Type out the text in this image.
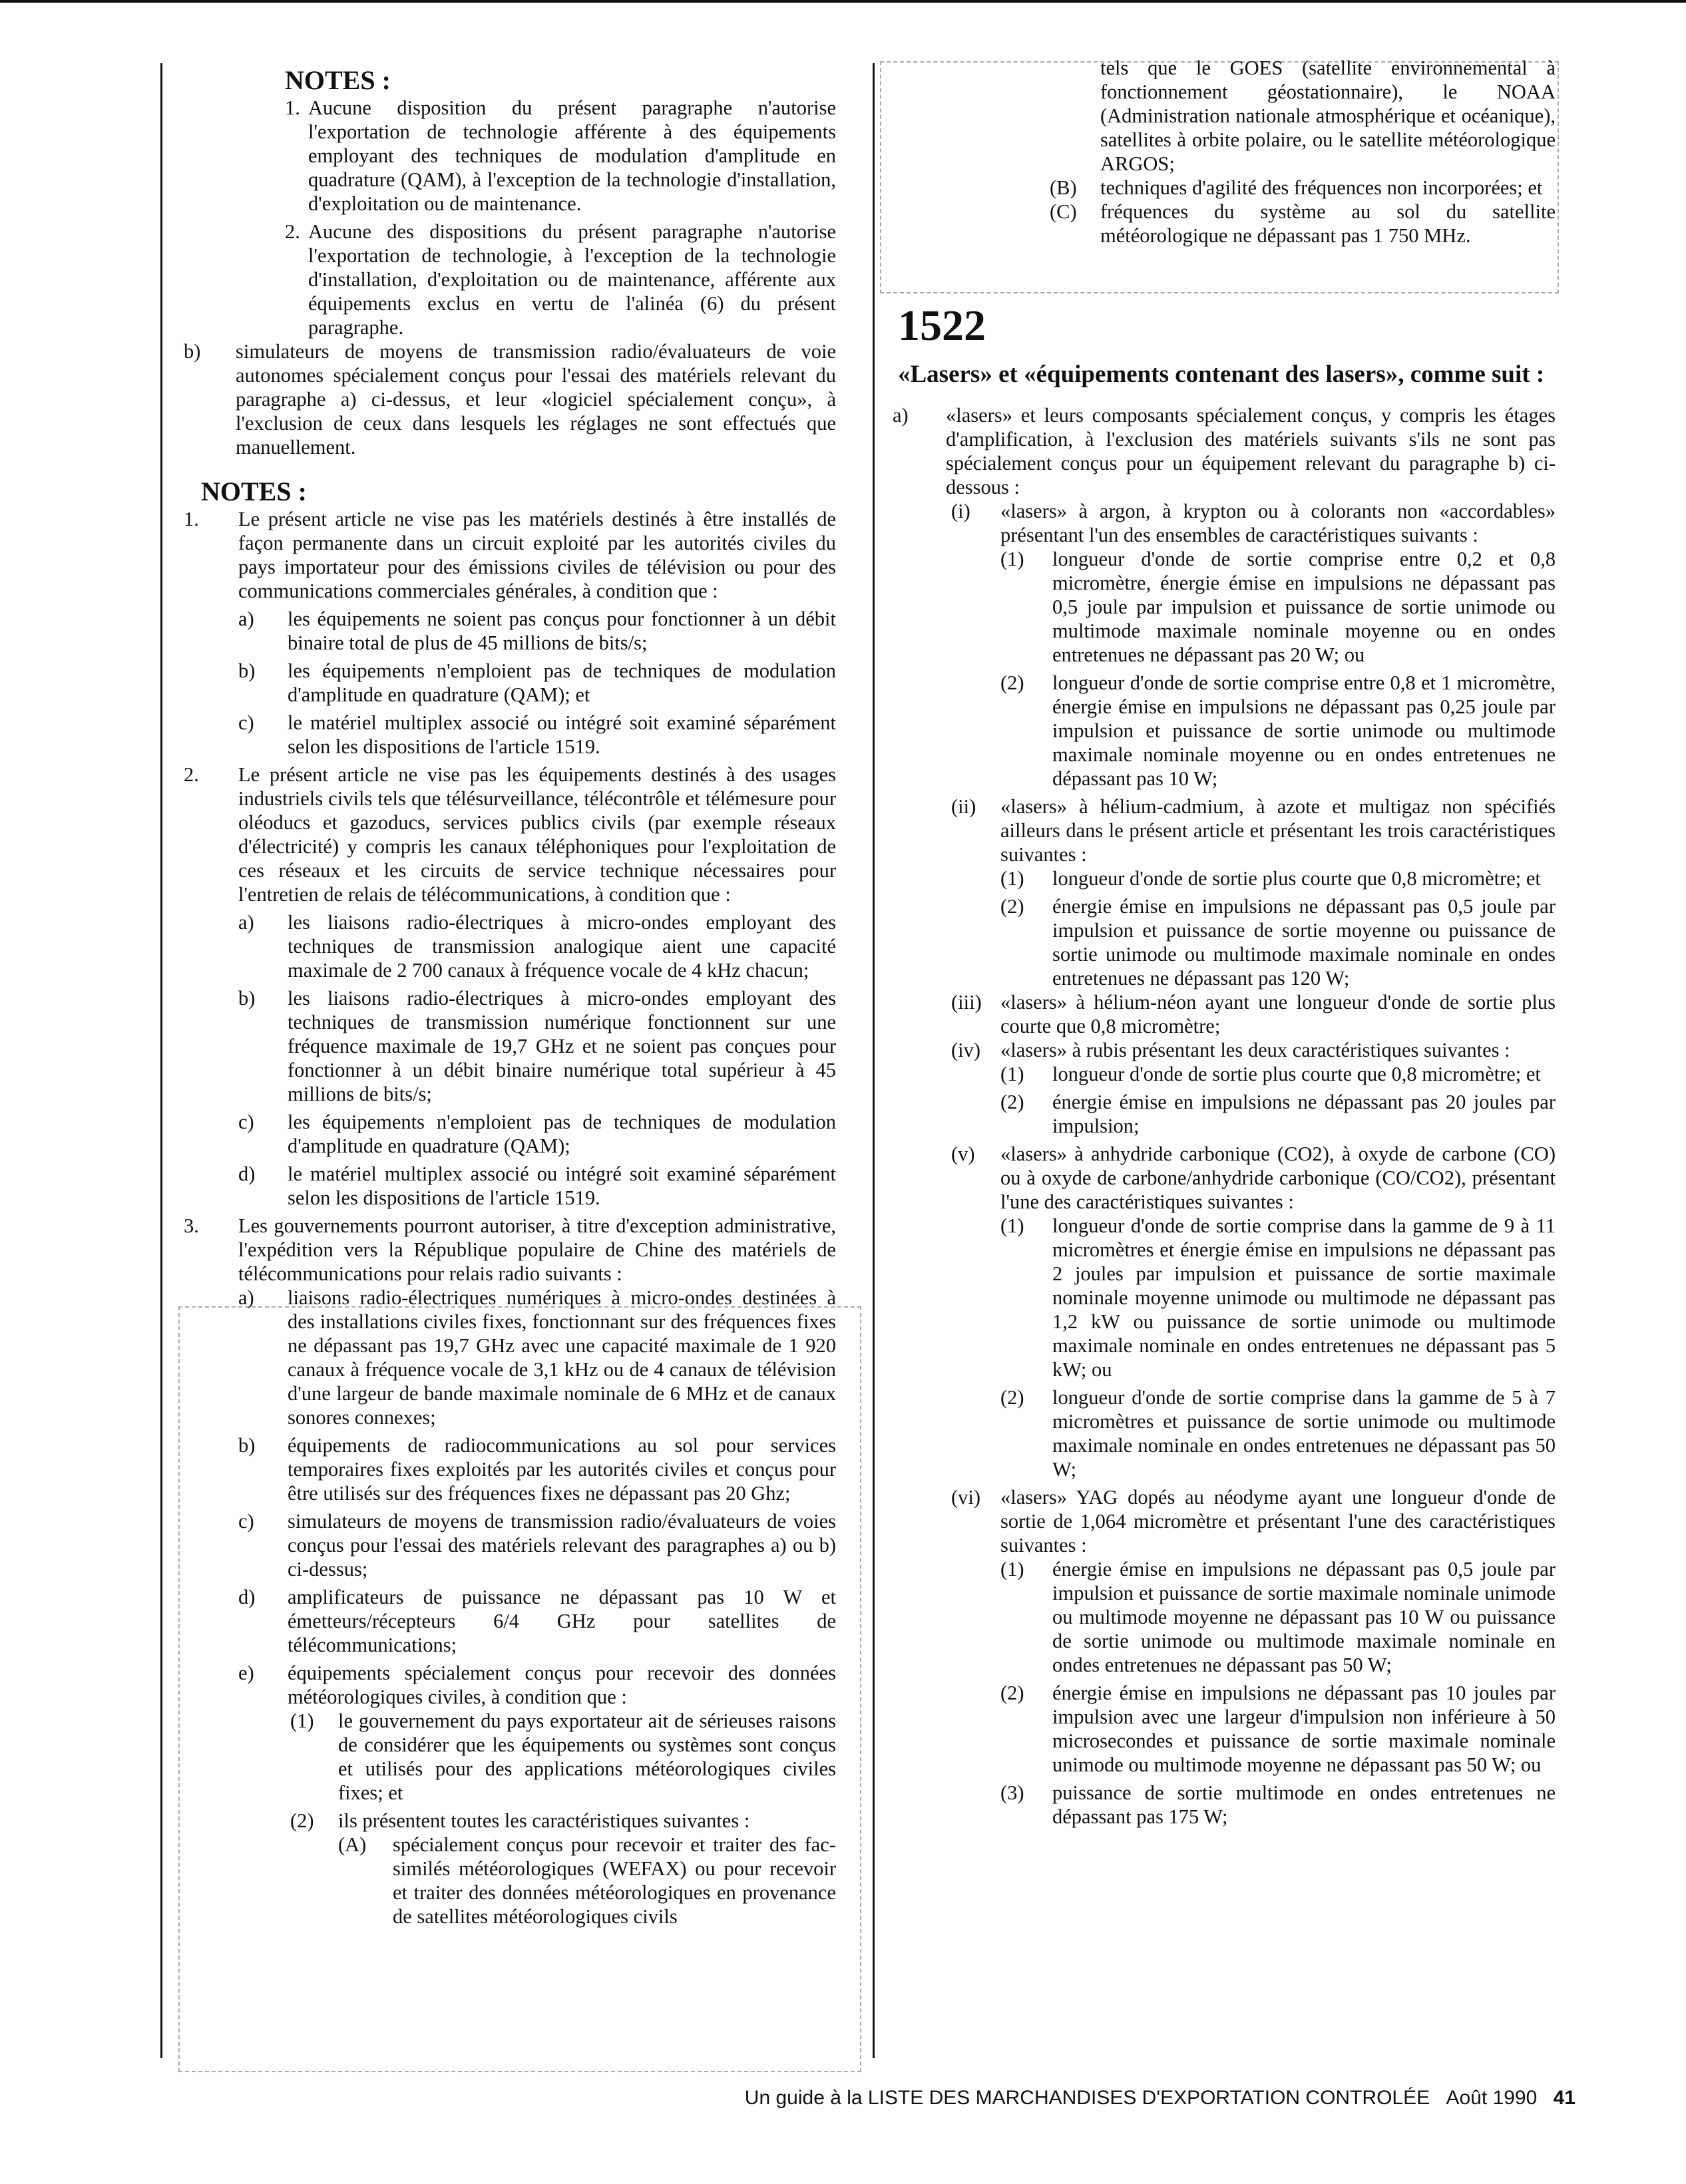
NOTES :

1. Aucune disposition du présent paragraphe n'autorise l'exportation de technologie afférente à des équipements employant des techniques de modulation d'amplitude en quadrature (QAM), à l'exception de la technologie d'installation, d'exploitation ou de maintenance.
2. Aucune des dispositions du présent paragraphe n'autorise l'exportation de technologie, à l'exception de la technologie d'installation, d'exploitation ou de maintenance, afférente aux équipements exclus en vertu de l'alinéa (6) du présent paragraphe.
b) simulateurs de moyens de transmission radio/évaluateurs de voie autonomes spécialement conçus pour l'essai des matériels relevant du paragraphe a) ci-dessus, et leur «logiciel spécialement conçu», à l'exclusion de ceux dans lesquels les réglages ne sont effectués que manuellement.

NOTES :

1. Le présent article ne vise pas les matériels destinés à être installés de façon permanente dans un circuit exploité par les autorités civiles du pays importateur pour des émissions civiles de télévision ou pour des communications commerciales générales, à condition que :
a) les équipements ne soient pas conçus pour fonctionner à un débit binaire total de plus de 45 millions de bits/s;
b) les équipements n'emploient pas de techniques de modulation d'amplitude en quadrature (QAM); et
c) le matériel multiplex associé ou intégré soit examiné séparément selon les dispositions de l'article 1519.
2. Le présent article ne vise pas les équipements destinés à des usages industriels civils tels que télésurveillance, télécontrôle et télémesure pour oléoducs et gazoducs, services publics civils (par exemple réseaux d'électricité) y compris les canaux téléphoniques pour l'exploitation de ces réseaux et les circuits de service technique nécessaires pour l'entretien de relais de télécommunications, à condition que :
a) les liaisons radio-électriques à micro-ondes employant des techniques de transmission analogique aient une capacité maximale de 2 700 canaux à fréquence vocale de 4 kHz chacun;
b) les liaisons radio-électriques à micro-ondes employant des techniques de transmission numérique fonctionnent sur une fréquence maximale de 19,7 GHz et ne soient pas conçues pour fonctionner à un débit binaire numérique total supérieur à 45 millions de bits/s;
c) les équipements n'emploient pas de techniques de modulation d'amplitude en quadrature (QAM);
d) le matériel multiplex associé ou intégré soit examiné séparément selon les dispositions de l'article 1519.
3. Les gouvernements pourront autoriser, à titre d'exception administrative, l'expédition vers la République populaire de Chine des matériels de télécommunications pour relais radio suivants :
a) liaisons radio-électriques numériques à micro-ondes destinées à des installations civiles fixes, fonctionnant sur des fréquences fixes ne dépassant pas 19,7 GHz avec une capacité maximale de 1 920 canaux à fréquence vocale de 3,1 kHz ou de 4 canaux de télévision d'une largeur de bande maximale nominale de 6 MHz et de canaux sonores connexes;
b) équipements de radiocommunications au sol pour services temporaires fixes exploités par les autorités civiles et conçus pour être utilisés sur des fréquences fixes ne dépassant pas 20 Ghz;
c) simulateurs de moyens de transmission radio/évaluateurs de voies conçus pour l'essai des matériels relevant des paragraphes a) ou b) ci-dessus;
d) amplificateurs de puissance ne dépassant pas 10 W et émetteurs/récepteurs 6/4 GHz pour satellites de télécommunications;
e) équipements spécialement conçus pour recevoir des données météorologiques civiles, à condition que :
(1) le gouvernement du pays exportateur ait de sérieuses raisons de considérer que les équipements ou systèmes sont conçus et utilisés pour des applications météorologiques civiles fixes; et
(2) ils présentent toutes les caractéristiques suivantes :
(A) spécialement conçus pour recevoir et traiter des fac-similés météorologiques (WEFAX) ou pour recevoir et traiter des données météorologiques en provenance de satellites météorologiques civils
tels que le GOES (satellite environnemental à fonctionnement géostationnaire), le NOAA (Administration nationale atmosphérique et océanique), satellites à orbite polaire, ou le satellite météorologique ARGOS;
(B) techniques d'agilité des fréquences non incorporées; et
(C) fréquences du système au sol du satellite météorologique ne dépassant pas 1 750 MHz.

1522

«Lasers» et «équipements contenant des lasers», comme suit :

a) «lasers» et leurs composants spécialement conçus, y compris les étages d'amplification, à l'exclusion des matériels suivants s'ils ne sont pas spécialement conçus pour un équipement relevant du paragraphe b) ci-dessous :
(i) «lasers» à argon, à krypton ou à colorants non «accordables» présentant l'un des ensembles de caractéristiques suivants :
(1) longueur d'onde de sortie comprise entre 0,2 et 0,8 micromètre, énergie émise en impulsions ne dépassant pas 0,5 joule par impulsion et puissance de sortie unimode ou multimode maximale nominale moyenne ou en ondes entretenues ne dépassant pas 20 W; ou
(2) longueur d'onde de sortie comprise entre 0,8 et 1 micromètre, énergie émise en impulsions ne dépassant pas 0,25 joule par impulsion et puissance de sortie unimode ou multimode maximale nominale moyenne ou en ondes entretenues ne dépassant pas 10 W;
(ii) «lasers» à hélium-cadmium, à azote et multigaz non spécifiés ailleurs dans le présent article et présentant les trois caractéristiques suivantes :
(1) longueur d'onde de sortie plus courte que 0,8 micromètre; et
(2) énergie émise en impulsions ne dépassant pas 0,5 joule par impulsion et puissance de sortie moyenne ou puissance de sortie unimode ou multimode maximale nominale en ondes entretenues ne dépassant pas 120 W;
(iii) «lasers» à hélium-néon ayant une longueur d'onde de sortie plus courte que 0,8 micromètre;
(iv) «lasers» à rubis présentant les deux caractéristiques suivantes :
(1) longueur d'onde de sortie plus courte que 0,8 micromètre; et
(2) énergie émise en impulsions ne dépassant pas 20 joules par impulsion;
(v) «lasers» à anhydride carbonique (CO2), à oxyde de carbone (CO) ou à oxyde de carbone/anhydride carbonique (CO/CO2), présentant l'une des caractéristiques suivantes :
(1) longueur d'onde de sortie comprise dans la gamme de 9 à 11 micromètres et énergie émise en impulsions ne dépassant pas 2 joules par impulsion et puissance de sortie maximale nominale moyenne unimode ou multimode ne dépassant pas 1,2 kW ou puissance de sortie unimode ou multimode maximale nominale en ondes entretenues ne dépassant pas 5 kW; ou
(2) longueur d'onde de sortie comprise dans la gamme de 5 à 7 micromètres et puissance de sortie unimode ou multimode maximale nominale en ondes entretenues ne dépassant pas 50 W;
(vi) «lasers» YAG dopés au néodyme ayant une longueur d'onde de sortie de 1,064 micromètre et présentant l'une des caractéristiques suivantes :
(1) énergie émise en impulsions ne dépassant pas 0,5 joule par impulsion et puissance de sortie maximale nominale unimode ou multimode moyenne ne dépassant pas 10 W ou puissance de sortie unimode ou multimode maximale nominale en ondes entretenues ne dépassant pas 50 W;
(2) énergie émise en impulsions ne dépassant pas 10 joules par impulsion avec une largeur d'impulsion non inférieure à 50 microsecondes et puissance de sortie maximale nominale unimode ou multimode moyenne ne dépassant pas 50 W; ou
(3) puissance de sortie multimode en ondes entretenues ne dépassant pas 175 W;
Un guide à la LISTE DES MARCHANDISES D'EXPORTATION CONTROLÉE Août 1990 41
